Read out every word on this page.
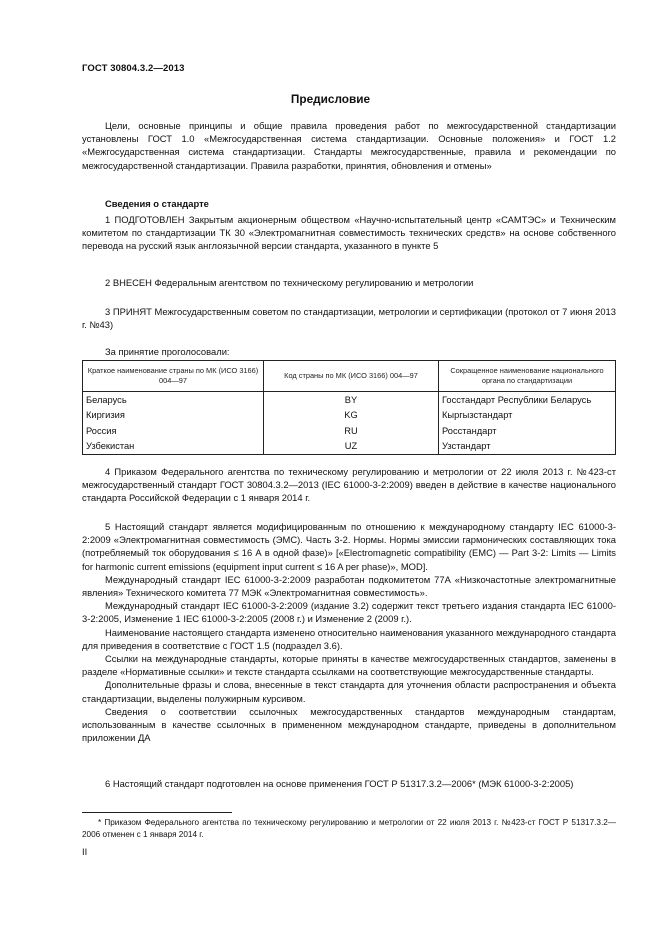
ГОСТ 30804.3.2—2013
Предисловие

Цели, основные принципы и общие правила проведения работ по межгосударственной стандартизации установлены ГОСТ 1.0 «Межгосударственная система стандартизации. Основные положения» и ГОСТ 1.2 «Межгосударственная система стандартизации. Стандарты межгосударственные, правила и рекомендации по межгосударственной стандартизации. Правила разработки, принятия, обновления и отмены»

Сведения о стандарте

1 ПОДГОТОВЛЕН Закрытым акционерным обществом «Научно-испытательный центр «САМТЭС» и Техническим комитетом по стандартизации ТК 30 «Электромагнитная совместимость технических средств» на основе собственного перевода на русский язык англоязычной версии стандарта, указанного в пункте 5

2 ВНЕСЕН Федеральным агентством по техническому регулированию и метрологии

3 ПРИНЯТ Межгосударственным советом по стандартизации, метрологии и сертификации (протокол от 7 июня 2013 г. №43)

За принятие проголосовали:

Краткое наименование страны по МК (ИСО 3166) 004—97	Код страны по МК (ИСО 3166) 004—97	Сокращенное наименование национального органа по стандартизации
Беларусь	BY	Госстандарт Республики Беларусь
Киргизия	KG	Кыргызстандарт
Россия	RU	Росстандарт
Узбекистан	UZ	Узстандарт

4 Приказом Федерального агентства по техническому регулированию и метрологии от 22 июля 2013 г. №423-ст межгосударственный стандарт ГОСТ 30804.3.2—2013 (IEC 61000-3-2:2009) введен в действие в качестве национального стандарта Российской Федерации с 1 января 2014 г.

5 Настоящий стандарт является модифицированным по отношению к международному стандарту IEC 61000-3-2:2009 «Электромагнитная совместимость (ЭМС). Часть 3-2. Нормы. Нормы эмиссии гармонических составляющих тока (потребляемый ток оборудования ≤ 16 А в одной фазе)» [«Electromagnetic compatibility (EMC) — Part 3-2: Limits — Limits for harmonic current emissions (equipment input current ≤ 16 A per phase)», MOD].

Международный стандарт IEC 61000-3-2:2009 разработан подкомитетом 77А «Низкочастотные электромагнитные явления» Технического комитета 77 МЭК «Электромагнитная совместимость».

Международный стандарт IEC 61000-3-2:2009 (издание 3.2) содержит текст третьего издания стандарта IEC 61000-3-2:2005, Изменение 1 IEC 61000-3-2:2005 (2008 г.) и Изменение 2 (2009 г.).

Наименование настоящего стандарта изменено относительно наименования указанного международного стандарта для приведения в соответствие с ГОСТ 1.5 (подраздел 3.6).

Ссылки на международные стандарты, которые приняты в качестве межгосударственных стандартов, заменены в разделе «Нормативные ссылки» и тексте стандарта ссылками на соответствующие межгосударственные стандарты.

Дополнительные фразы и слова, внесенные в текст стандарта для уточнения области распространения и объекта стандартизации, выделены полужирным курсивом.

Сведения о соответствии ссылочных межгосударственных стандартов международным стандартам, использованным в качестве ссылочных в примененном международном стандарте, приведены в дополнительном приложении ДА

6 Настоящий стандарт подготовлен на основе применения ГОСТ Р 51317.3.2—2006* (МЭК 61000-3-2:2005)

* Приказом Федерального агентства по техническому регулированию и метрологии от 22 июля 2013 г. №423-ст ГОСТ Р 51317.3.2—2006 отменен с 1 января 2014 г.

II
